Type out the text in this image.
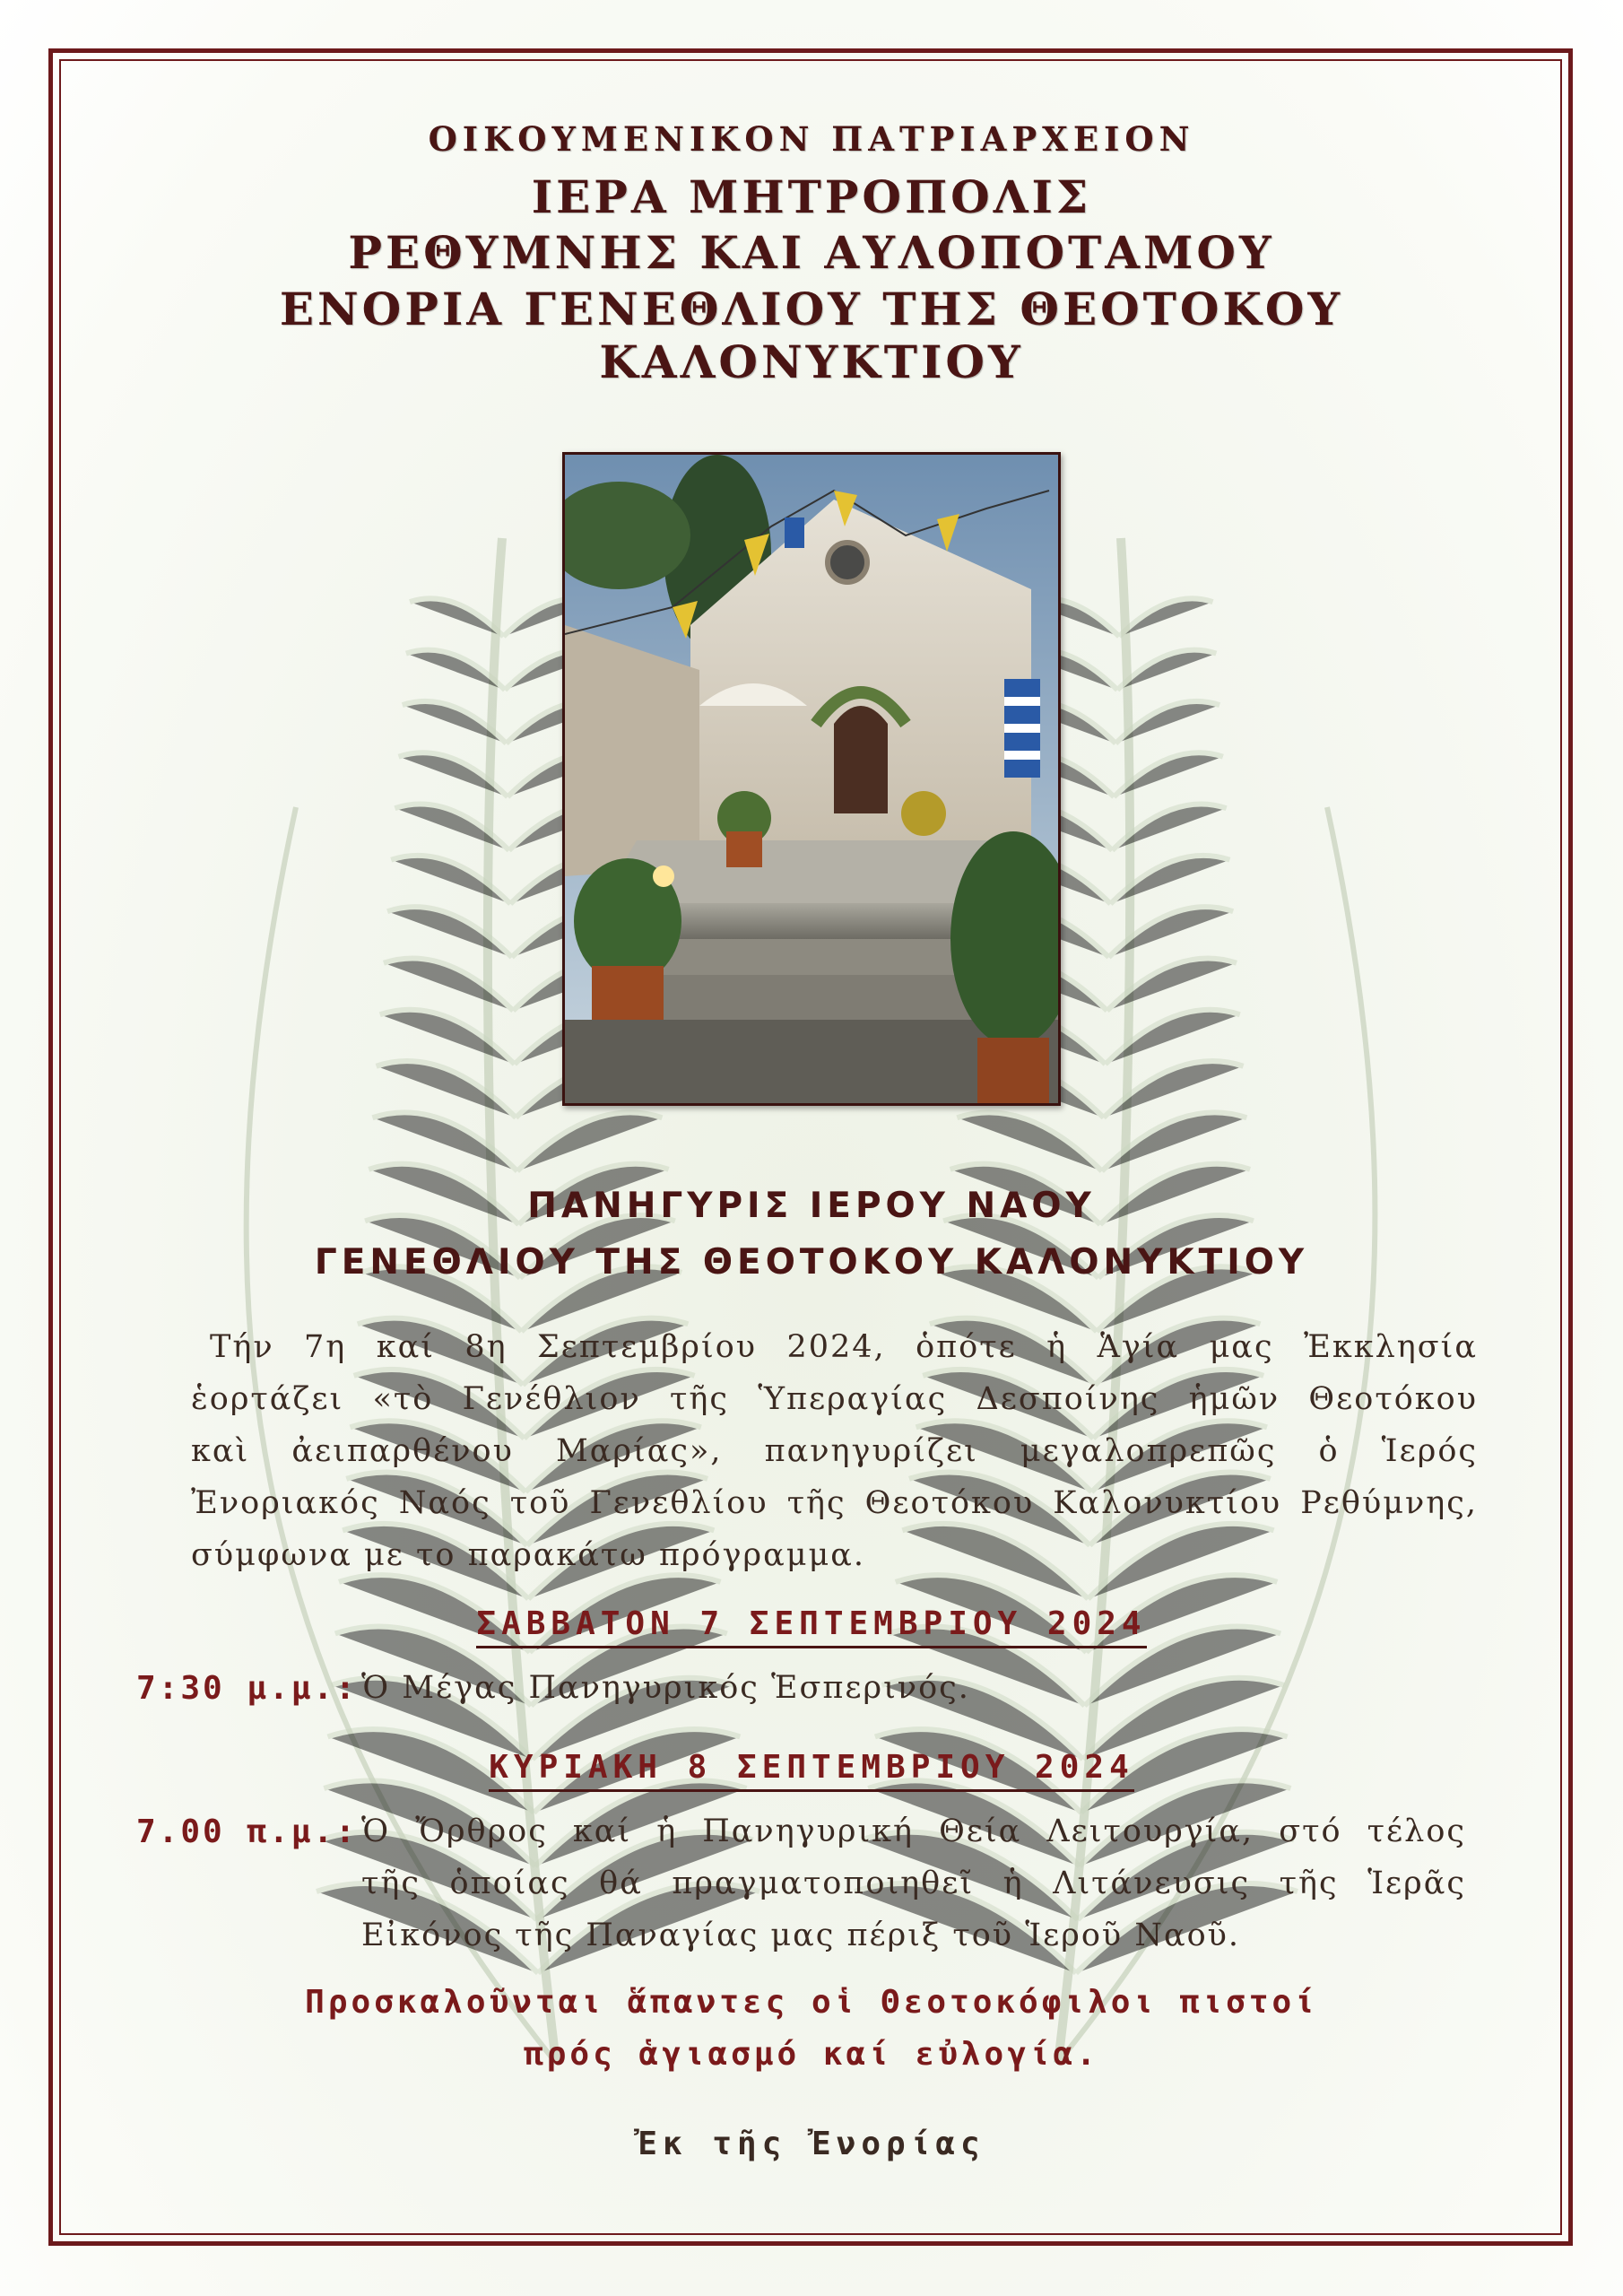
ΟΙΚΟΥΜΕΝΙΚΟΝ ΠΑΤΡΙΑΡΧΕΙΟΝ
ΙΕΡΑ ΜΗΤΡΟΠΟΛΙΣ
ΡΕΘΥΜΝΗΣ ΚΑΙ ΑΥΛΟΠΟΤΑΜΟΥ
ΕΝΟΡΙΑ ΓΕΝΕΘΛΙΟΥ ΤΗΣ ΘΕΟΤΟΚΟΥ
ΚΑΛΟΝΥΚΤΙΟΥ
ΠΑΝΗΓΥΡΙΣ ΙΕΡΟΥ ΝΑΟΥ
ΓΕΝΕΘΛΙΟΥ ΤΗΣ ΘΕΟΤΟΚΟΥ ΚΑΛΟΝΥΚΤΙΟΥ
Τήν 7η καί 8η Σεπτεμβρίου 2024, ὁπότε ἡ Ἁγία μας Ἐκκλησία
ἑορτάζει «τὸ Γενέθλιον τῆς Ὑπεραγίας Δεσποίνης ἡμῶν Θεοτόκου
καὶ ἀειπαρθένου Μαρίας», πανηγυρίζει μεγαλοπρεπῶς ὁ Ἱερός
Ἐνοριακός Ναός τοῦ Γενεθλίου τῆς Θεοτόκου Καλονυκτίου Ρεθύμνης,
σύμφωνα με το παρακάτω πρόγραμμα.
ΣΑΒΒΑΤΟΝ 7 ΣΕΠΤΕΜΒΡΙΟΥ 2024
7:30 μ.μ.: Ὁ Μέγας Πανηγυρικός Ἑσπερινός.
ΚΥΡΙΑΚΗ 8 ΣΕΠΤΕΜΒΡΙΟΥ 2024
7.00 π.μ.: Ὁ Ὄρθρος καί ἡ Πανηγυρική Θεία Λειτουργία, στό τέλος
τῆς ὁποίας θά πραγματοποιηθεῖ ἡ Λιτάνευσις τῆς Ἱερᾶς
Εἰκόνος τῆς Παναγίας μας πέριξ τοῦ Ἱεροῦ Ναοῦ.
Προσκαλοῦνται ἅπαντες οἱ Θεοτοκόφιλοι πιστοί
πρός ἁγιασμό καί εὐλογία.
Ἐκ τῆς Ἐνορίας
